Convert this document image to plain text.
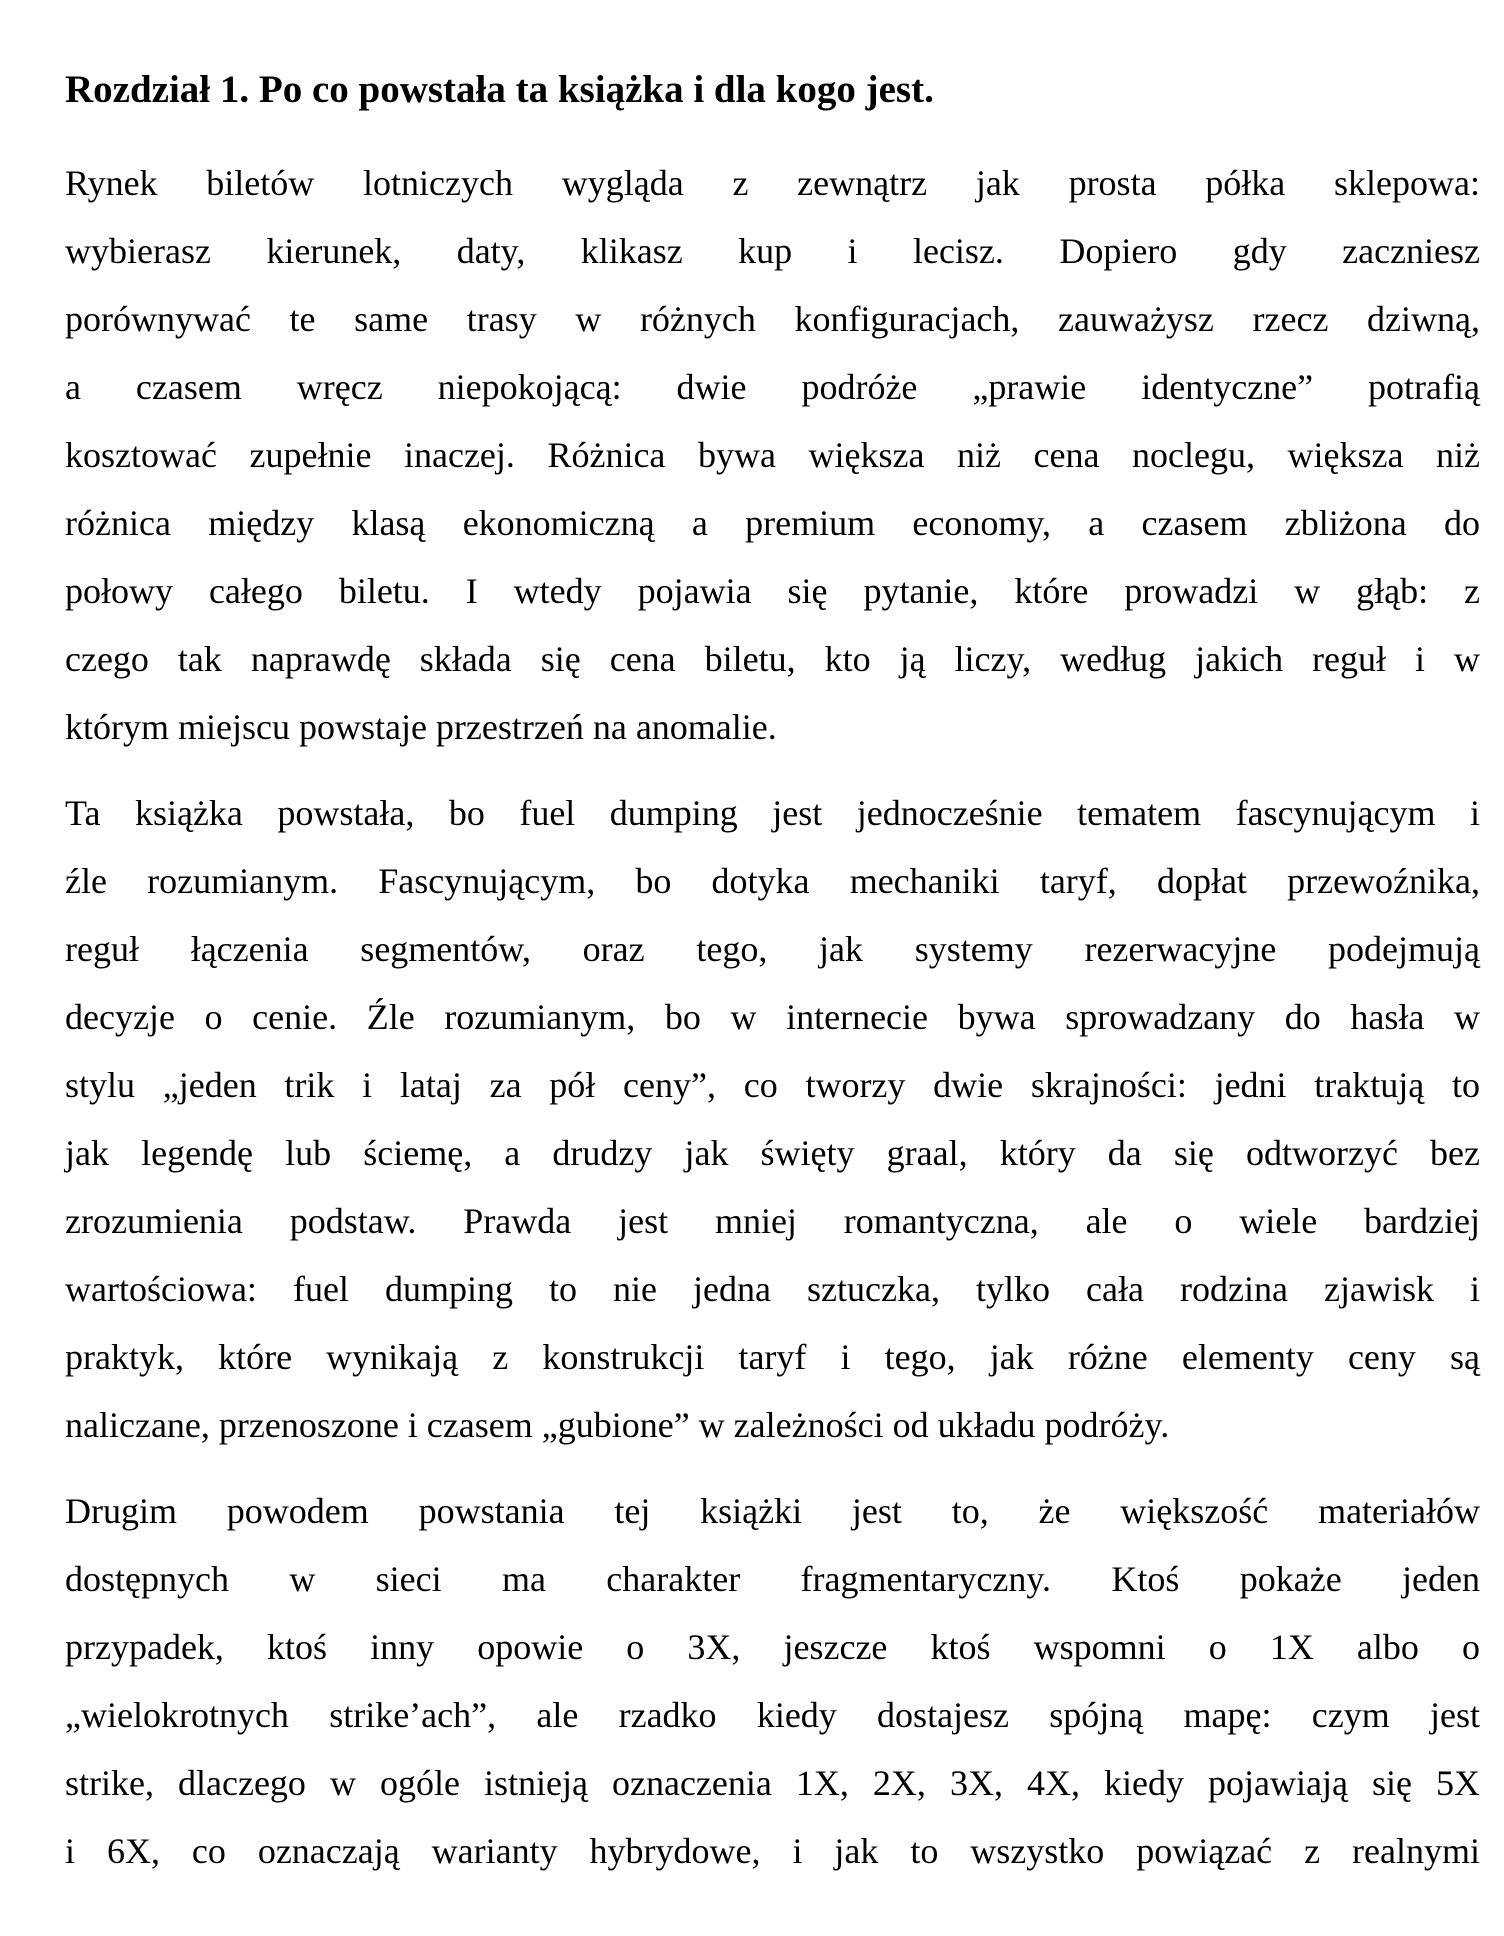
Rozdział 1. Po co powstała ta książka i dla kogo jest.
Rynek biletów lotniczych wygląda z zewnątrz jak prosta półka sklepowa:
wybierasz kierunek, daty, klikasz kup i lecisz. Dopiero gdy zaczniesz
porównywać te same trasy w różnych konfiguracjach, zauważysz rzecz dziwną,
a czasem wręcz niepokojącą: dwie podróże „prawie identyczne” potrafią
kosztować zupełnie inaczej. Różnica bywa większa niż cena noclegu, większa niż
różnica między klasą ekonomiczną a premium economy, a czasem zbliżona do
połowy całego biletu. I wtedy pojawia się pytanie, które prowadzi w głąb: z
czego tak naprawdę składa się cena biletu, kto ją liczy, według jakich reguł i w
którym miejscu powstaje przestrzeń na anomalie.
Ta książka powstała, bo fuel dumping jest jednocześnie tematem fascynującym i
źle rozumianym. Fascynującym, bo dotyka mechaniki taryf, dopłat przewoźnika,
reguł łączenia segmentów, oraz tego, jak systemy rezerwacyjne podejmują
decyzje o cenie. Źle rozumianym, bo w internecie bywa sprowadzany do hasła w
stylu „jeden trik i lataj za pół ceny”, co tworzy dwie skrajności: jedni traktują to
jak legendę lub ściemę, a drudzy jak święty graal, który da się odtworzyć bez
zrozumienia podstaw. Prawda jest mniej romantyczna, ale o wiele bardziej
wartościowa: fuel dumping to nie jedna sztuczka, tylko cała rodzina zjawisk i
praktyk, które wynikają z konstrukcji taryf i tego, jak różne elementy ceny są
naliczane, przenoszone i czasem „gubione” w zależności od układu podróży.
Drugim powodem powstania tej książki jest to, że większość materiałów
dostępnych w sieci ma charakter fragmentaryczny. Ktoś pokaże jeden
przypadek, ktoś inny opowie o 3X, jeszcze ktoś wspomni o 1X albo o
„wielokrotnych strike’ach”, ale rzadko kiedy dostajesz spójną mapę: czym jest
strike, dlaczego w ogóle istnieją oznaczenia 1X, 2X, 3X, 4X, kiedy pojawiają się 5X
i 6X, co oznaczają warianty hybrydowe, i jak to wszystko powiązać z realnymi
